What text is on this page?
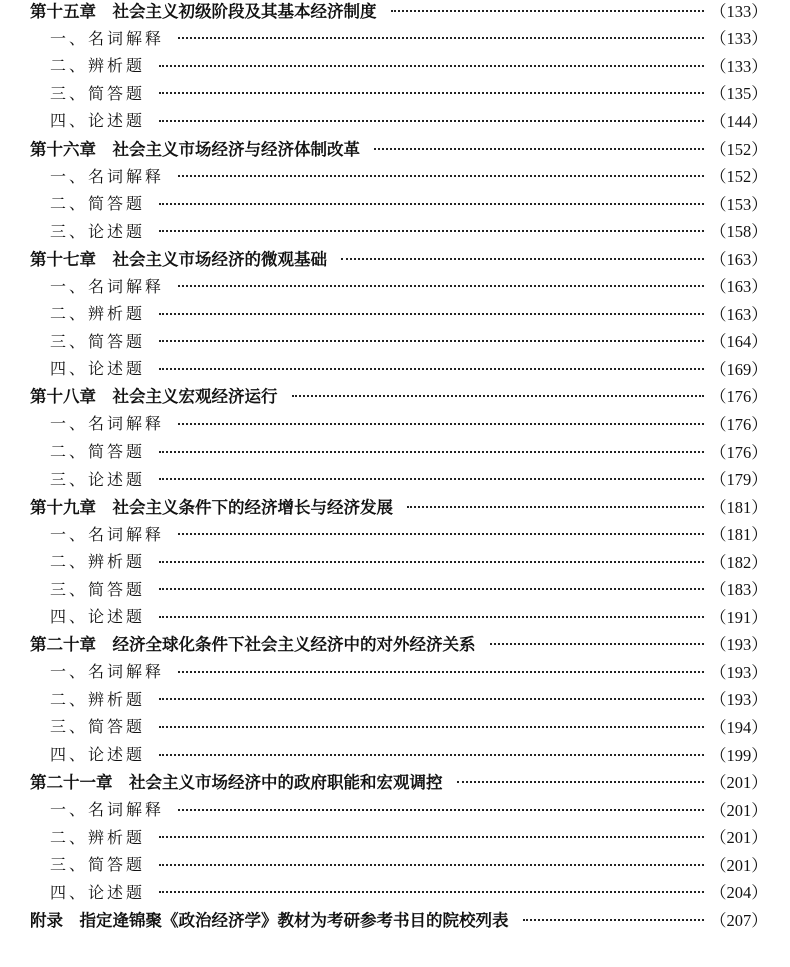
第十五章　社会主义初级阶段及其基本经济制度	（133）
一、名词解释	（133）
二、辨析题	（133）
三、简答题	（135）
四、论述题	（144）
第十六章　社会主义市场经济与经济体制改革	（152）
一、名词解释	（152）
二、简答题	（153）
三、论述题	（158）
第十七章　社会主义市场经济的微观基础	（163）
一、名词解释	（163）
二、辨析题	（163）
三、简答题	（164）
四、论述题	（169）
第十八章　社会主义宏观经济运行	（176）
一、名词解释	（176）
二、简答题	（176）
三、论述题	（179）
第十九章　社会主义条件下的经济增长与经济发展	（181）
一、名词解释	（181）
二、辨析题	（182）
三、简答题	（183）
四、论述题	（191）
第二十章　经济全球化条件下社会主义经济中的对外经济关系	（193）
一、名词解释	（193）
二、辨析题	（193）
三、简答题	（194）
四、论述题	（199）
第二十一章　社会主义市场经济中的政府职能和宏观调控	（201）
一、名词解释	（201）
二、辨析题	（201）
三、简答题	（201）
四、论述题	（204）
附录　指定逄锦聚《政治经济学》教材为考研参考书目的院校列表	（207）
